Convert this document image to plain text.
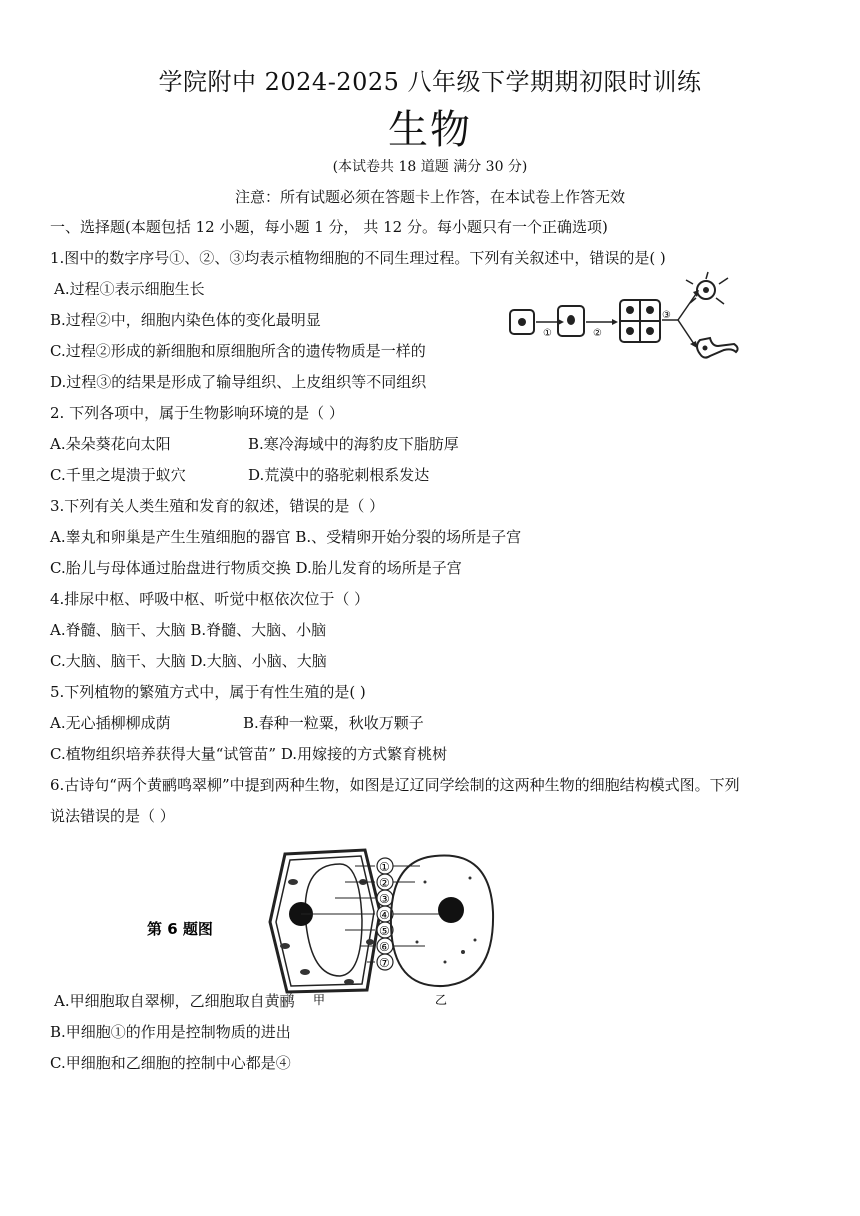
学院附中 2024-2025 八年级下学期期初限时训练
生物
(本试卷共 18 道题 满分 30 分)
注意：所有试题必须在答题卡上作答，在本试卷上作答无效
一、选择题(本题包括 12 小题，每小题 1 分， 共 12 分。每小题只有一个正确选项)
1.图中的数字序号①、②、③均表示植物细胞的不同生理过程。下列有关叙述中，错误的是( )
A.过程①表示细胞生长
B.过程②中，细胞内染色体的变化最明显
C.过程②形成的新细胞和原细胞所含的遗传物质是一样的
D.过程③的结果是形成了输导组织、上皮组织等不同组织
①	②
③
2. 下列各项中，属于生物影响环境的是（ ）
A.朵朵葵花向太阳	B.寒冷海域中的海豹皮下脂肪厚
C.千里之堤溃于蚁穴	D.荒漠中的骆驼刺根系发达
3.下列有关人类生殖和发育的叙述，错误的是（ ）
A.睾丸和卵巢是产生生殖细胞的器官 B.、受精卵开始分裂的场所是子宫
C.胎儿与母体通过胎盘进行物质交换 D.胎儿发育的场所是子宫
4.排尿中枢、呼吸中枢、听觉中枢依次位于（ ）
A.脊髓、脑干、大脑 B.脊髓、大脑、小脑
C.大脑、脑干、大脑 D.大脑、小脑、大脑
5.下列植物的繁殖方式中，属于有性生殖的是( )
A.无心插柳柳成荫	B.春种一粒粟，秋收万颗子
C.植物组织培养获得大量“试管苗” D.用嫁接的方式繁育桃树
6.古诗句“两个黄鹂鸣翠柳”中提到两种生物，如图是辽辽同学绘制的这两种生物的细胞结构模式图。下列
说法错误的是（ ）
第 6 题图
①
②
③
④
⑤
⑥
⑦
甲	乙
A.甲细胞取自翠柳，乙细胞取自黄鹂
B.甲细胞①的作用是控制物质的进出
C.甲细胞和乙细胞的控制中心都是④
